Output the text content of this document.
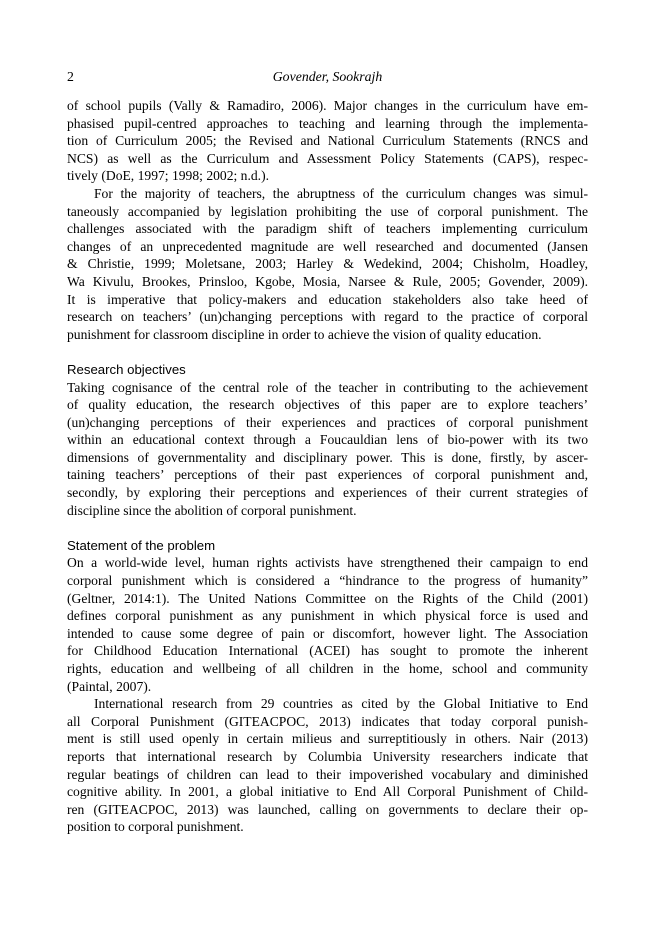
2	Govender, Sookrajh
of school pupils (Vally & Ramadiro, 2006). Major changes in the curriculum have em-
phasised pupil-centred approaches to teaching and learning through the implementa-
tion of Curriculum 2005; the Revised and National Curriculum Statements (RNCS and
NCS) as well as the Curriculum and Assessment Policy Statements (CAPS), respec-
tively (DoE, 1997; 1998; 2002; n.d.).
For the majority of teachers, the abruptness of the curriculum changes was simul-
taneously accompanied by legislation prohibiting the use of corporal punishment. The
challenges associated with the paradigm shift of teachers implementing curriculum
changes of an unprecedented magnitude are well researched and documented (Jansen
& Christie, 1999; Moletsane, 2003; Harley & Wedekind, 2004; Chisholm, Hoadley,
Wa Kivulu, Brookes, Prinsloo, Kgobe, Mosia, Narsee & Rule, 2005; Govender, 2009).
It is imperative that policy-makers and education stakeholders also take heed of
research on teachers’ (un)changing perceptions with regard to the practice of corporal
punishment for classroom discipline in order to achieve the vision of quality education.
Research objectives
Taking cognisance of the central role of the teacher in contributing to the achievement
of quality education, the research objectives of this paper are to explore teachers’
(un)changing perceptions of their experiences and practices of corporal punishment
within an educational context through a Foucauldian lens of bio-power with its two
dimensions of governmentality and disciplinary power. This is done, firstly, by ascer-
taining teachers’ perceptions of their past experiences of corporal punishment and,
secondly, by exploring their perceptions and experiences of their current strategies of
discipline since the abolition of corporal punishment.
Statement of the problem
On a world-wide level, human rights activists have strengthened their campaign to end
corporal punishment which is considered a “hindrance to the progress of humanity”
(Geltner, 2014:1). The United Nations Committee on the Rights of the Child (2001)
defines corporal punishment as any punishment in which physical force is used and
intended to cause some degree of pain or discomfort, however light. The Association
for Childhood Education International (ACEI) has sought to promote the inherent
rights, education and wellbeing of all children in the home, school and community
(Paintal, 2007).
International research from 29 countries as cited by the Global Initiative to End
all Corporal Punishment (GITEACPOC, 2013) indicates that today corporal punish-
ment is still used openly in certain milieus and surreptitiously in others. Nair (2013)
reports that international research by Columbia University researchers indicate that
regular beatings of children can lead to their impoverished vocabulary and diminished
cognitive ability. In 2001, a global initiative to End All Corporal Punishment of Child-
ren (GITEACPOC, 2013) was launched, calling on governments to declare their op-
position to corporal punishment.
